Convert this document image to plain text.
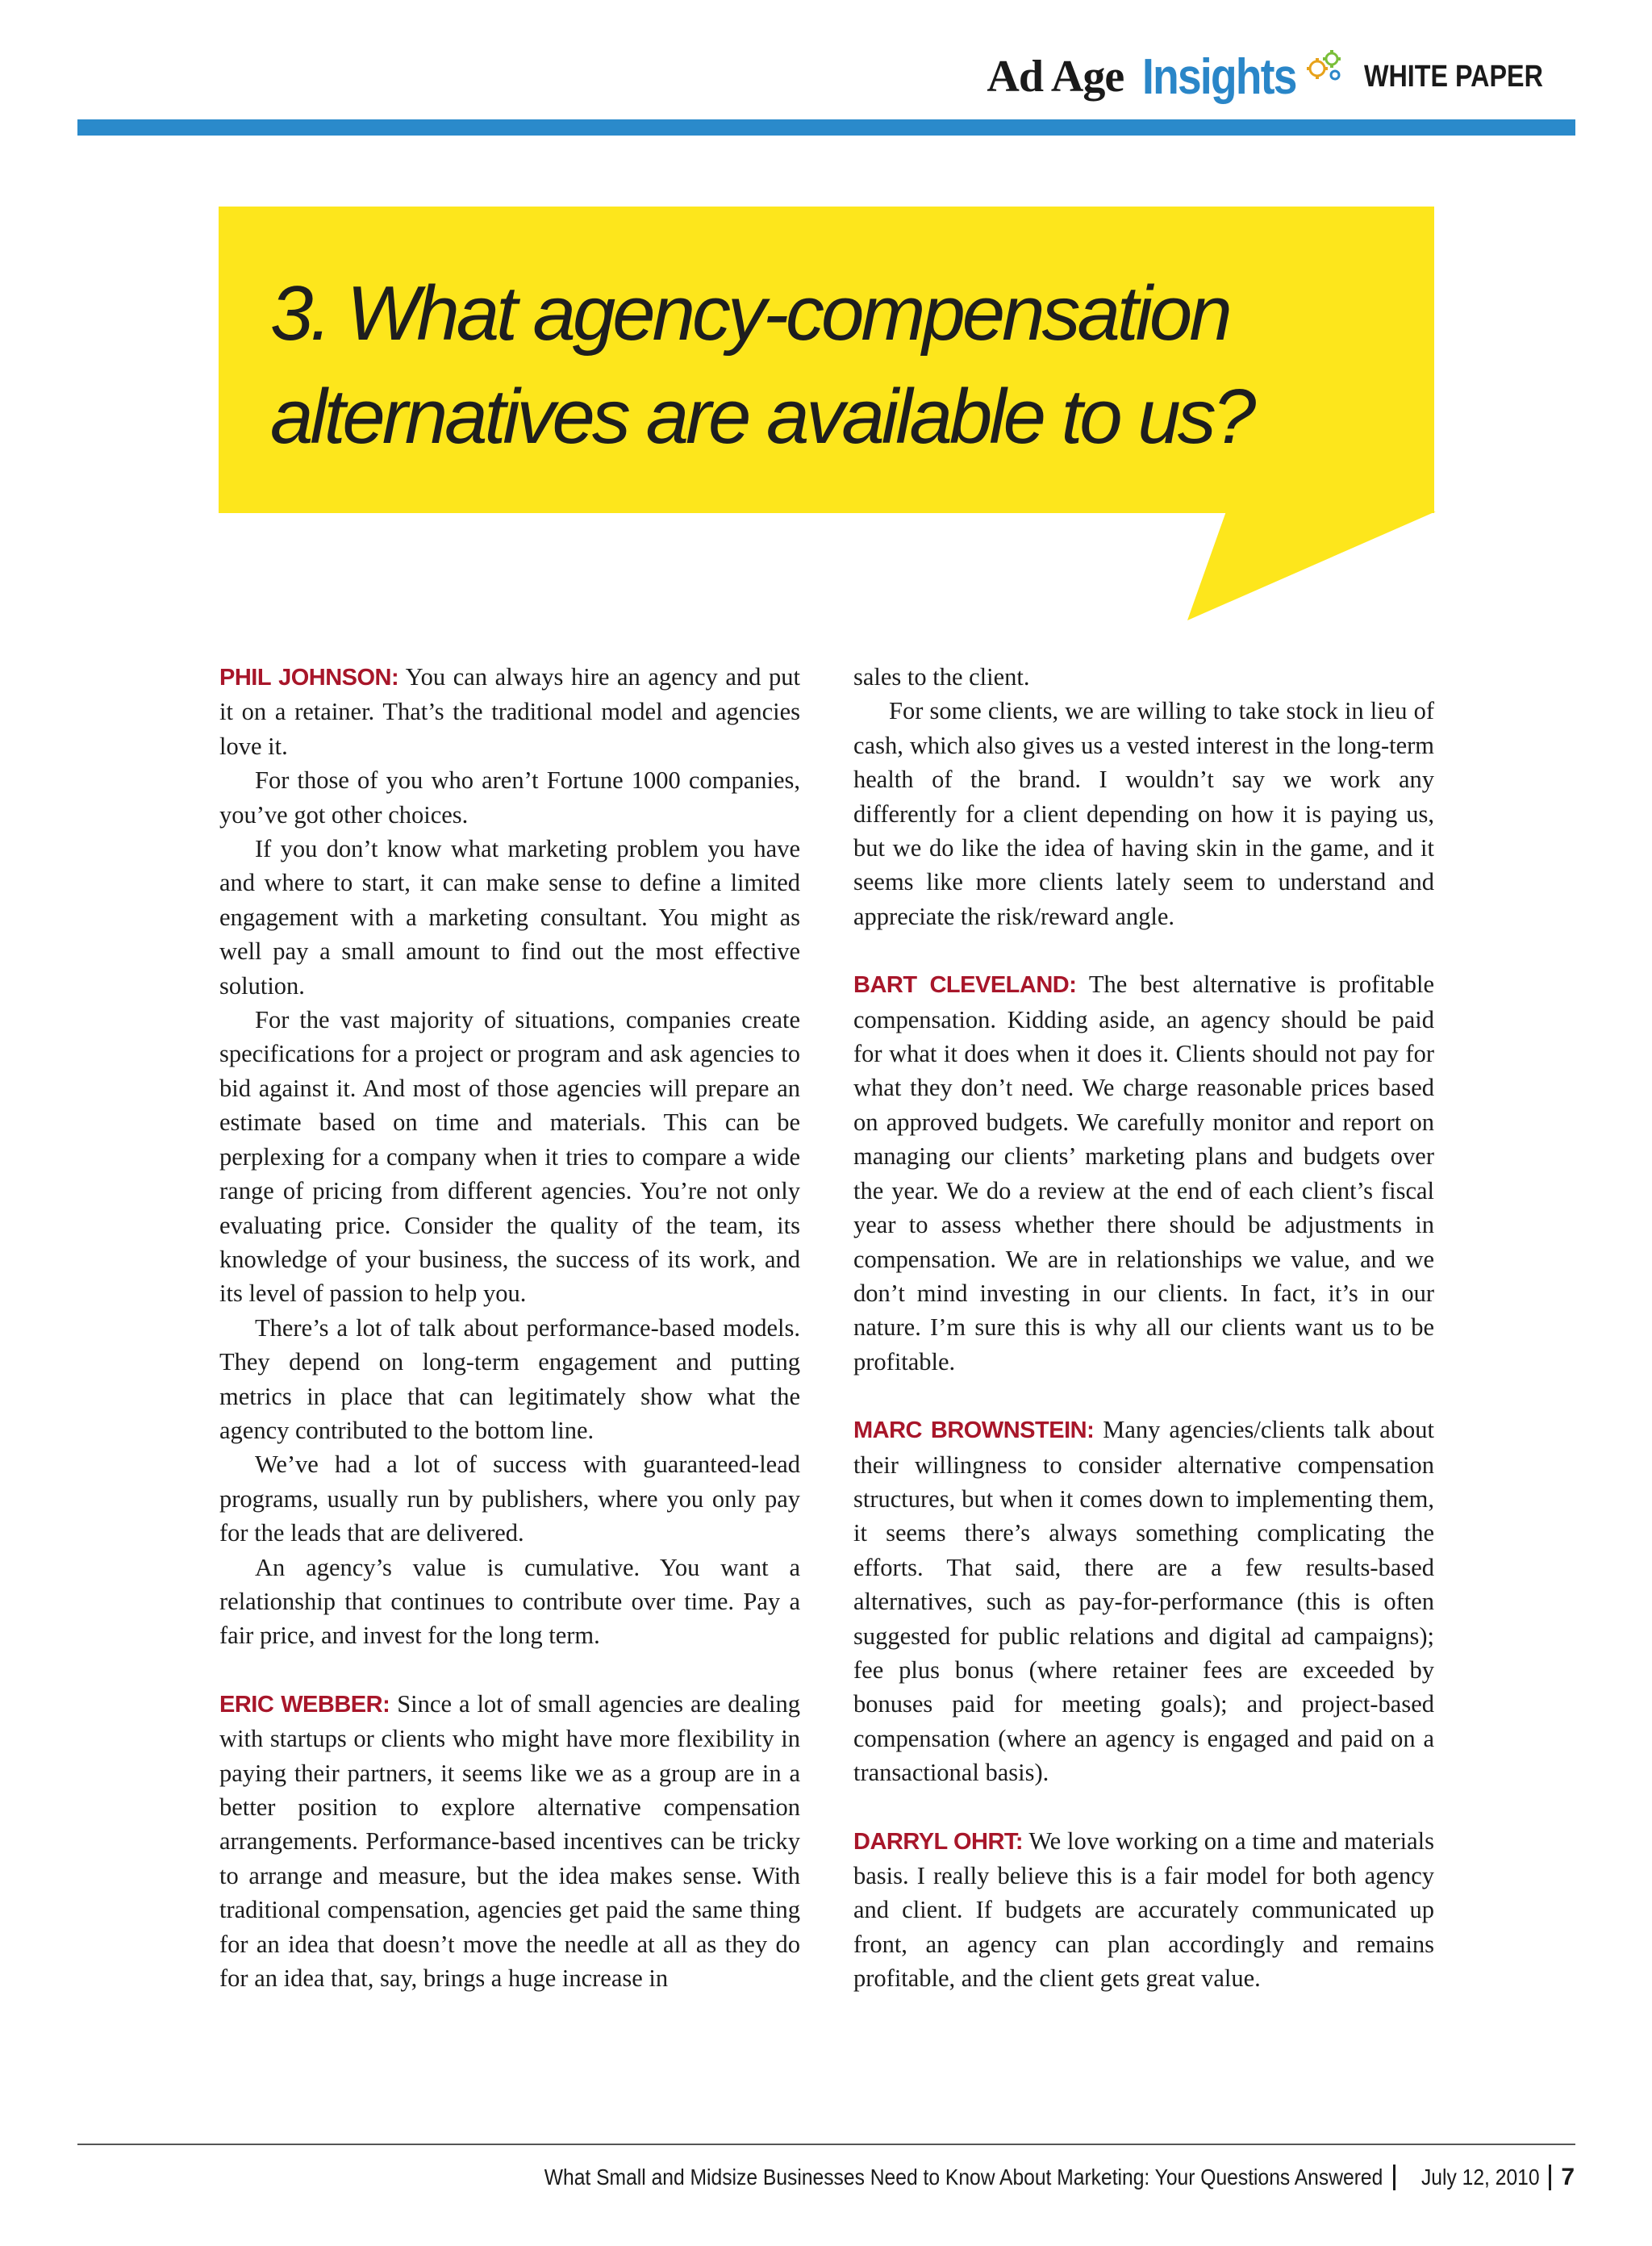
Ad Age Insights WHITE PAPER
3. What agency-compensation
alternatives are available to us?

PHIL JOHNSON: You can always hire an agency and put it on a retainer. That’s the traditional model and agencies love it.

For those of you who aren’t Fortune 1000 companies, you’ve got other choices.

If you don’t know what marketing problem you have and where to start, it can make sense to define a limited engagement with a marketing consultant. You might as well pay a small amount to find out the most effective solution.

For the vast majority of situations, companies create specifications for a project or program and ask agencies to bid against it. And most of those agencies will prepare an estimate based on time and materials. This can be perplexing for a company when it tries to compare a wide range of pricing from different agencies. You’re not only evaluating price. Consider the quality of the team, its knowledge of your business, the success of its work, and its level of passion to help you.

There’s a lot of talk about performance-based models. They depend on long-term engagement and putting metrics in place that can legitimately show what the agency contributed to the bottom line.

We’ve had a lot of success with guaranteed-lead programs, usually run by publishers, where you only pay for the leads that are delivered.

An agency’s value is cumulative. You want a relationship that continues to contribute over time. Pay a fair price, and invest for the long term.

ERIC WEBBER: Since a lot of small agencies are dealing with startups or clients who might have more flexibility in paying their partners, it seems like we as a group are in a better position to explore alternative compensation arrangements. Performance-based incentives can be tricky to arrange and measure, but the idea makes sense. With traditional compensation, agencies get paid the same thing for an idea that doesn’t move the needle at all as they do for an idea that, say, brings a huge increase in

sales to the client.

For some clients, we are willing to take stock in lieu of cash, which also gives us a vested interest in the long-term health of the brand. I wouldn’t say we work any differently for a client depending on how it is paying us, but we do like the idea of having skin in the game, and it seems like more clients lately seem to understand and appreciate the risk/reward angle.

BART CLEVELAND: The best alternative is profitable compensation. Kidding aside, an agency should be paid for what it does when it does it. Clients should not pay for what they don’t need. We charge reasonable prices based on approved budgets. We carefully monitor and report on managing our clients’ marketing plans and budgets over the year. We do a review at the end of each client’s fiscal year to assess whether there should be adjustments in compensation. We are in relationships we value, and we don’t mind investing in our clients. In fact, it’s in our nature. I’m sure this is why all our clients want us to be profitable.

MARC BROWNSTEIN: Many agencies/clients talk about their willingness to consider alternative compensation structures, but when it comes down to implementing them, it seems there’s always something complicating the efforts. That said, there are a few results-based alternatives, such as pay-for-performance (this is often suggested for public relations and digital ad campaigns); fee plus bonus (where retainer fees are exceeded by bonuses paid for meeting goals); and project-based compensation (where an agency is engaged and paid on a transactional basis).

DARRYL OHRT: We love working on a time and materials basis. I really believe this is a fair model for both agency and client. If budgets are accurately communicated up front, an agency can plan accordingly and remains profitable, and the client gets great value.

What Small and Midsize Businesses Need to Know About Marketing: Your Questions Answered July 12, 2010 7
